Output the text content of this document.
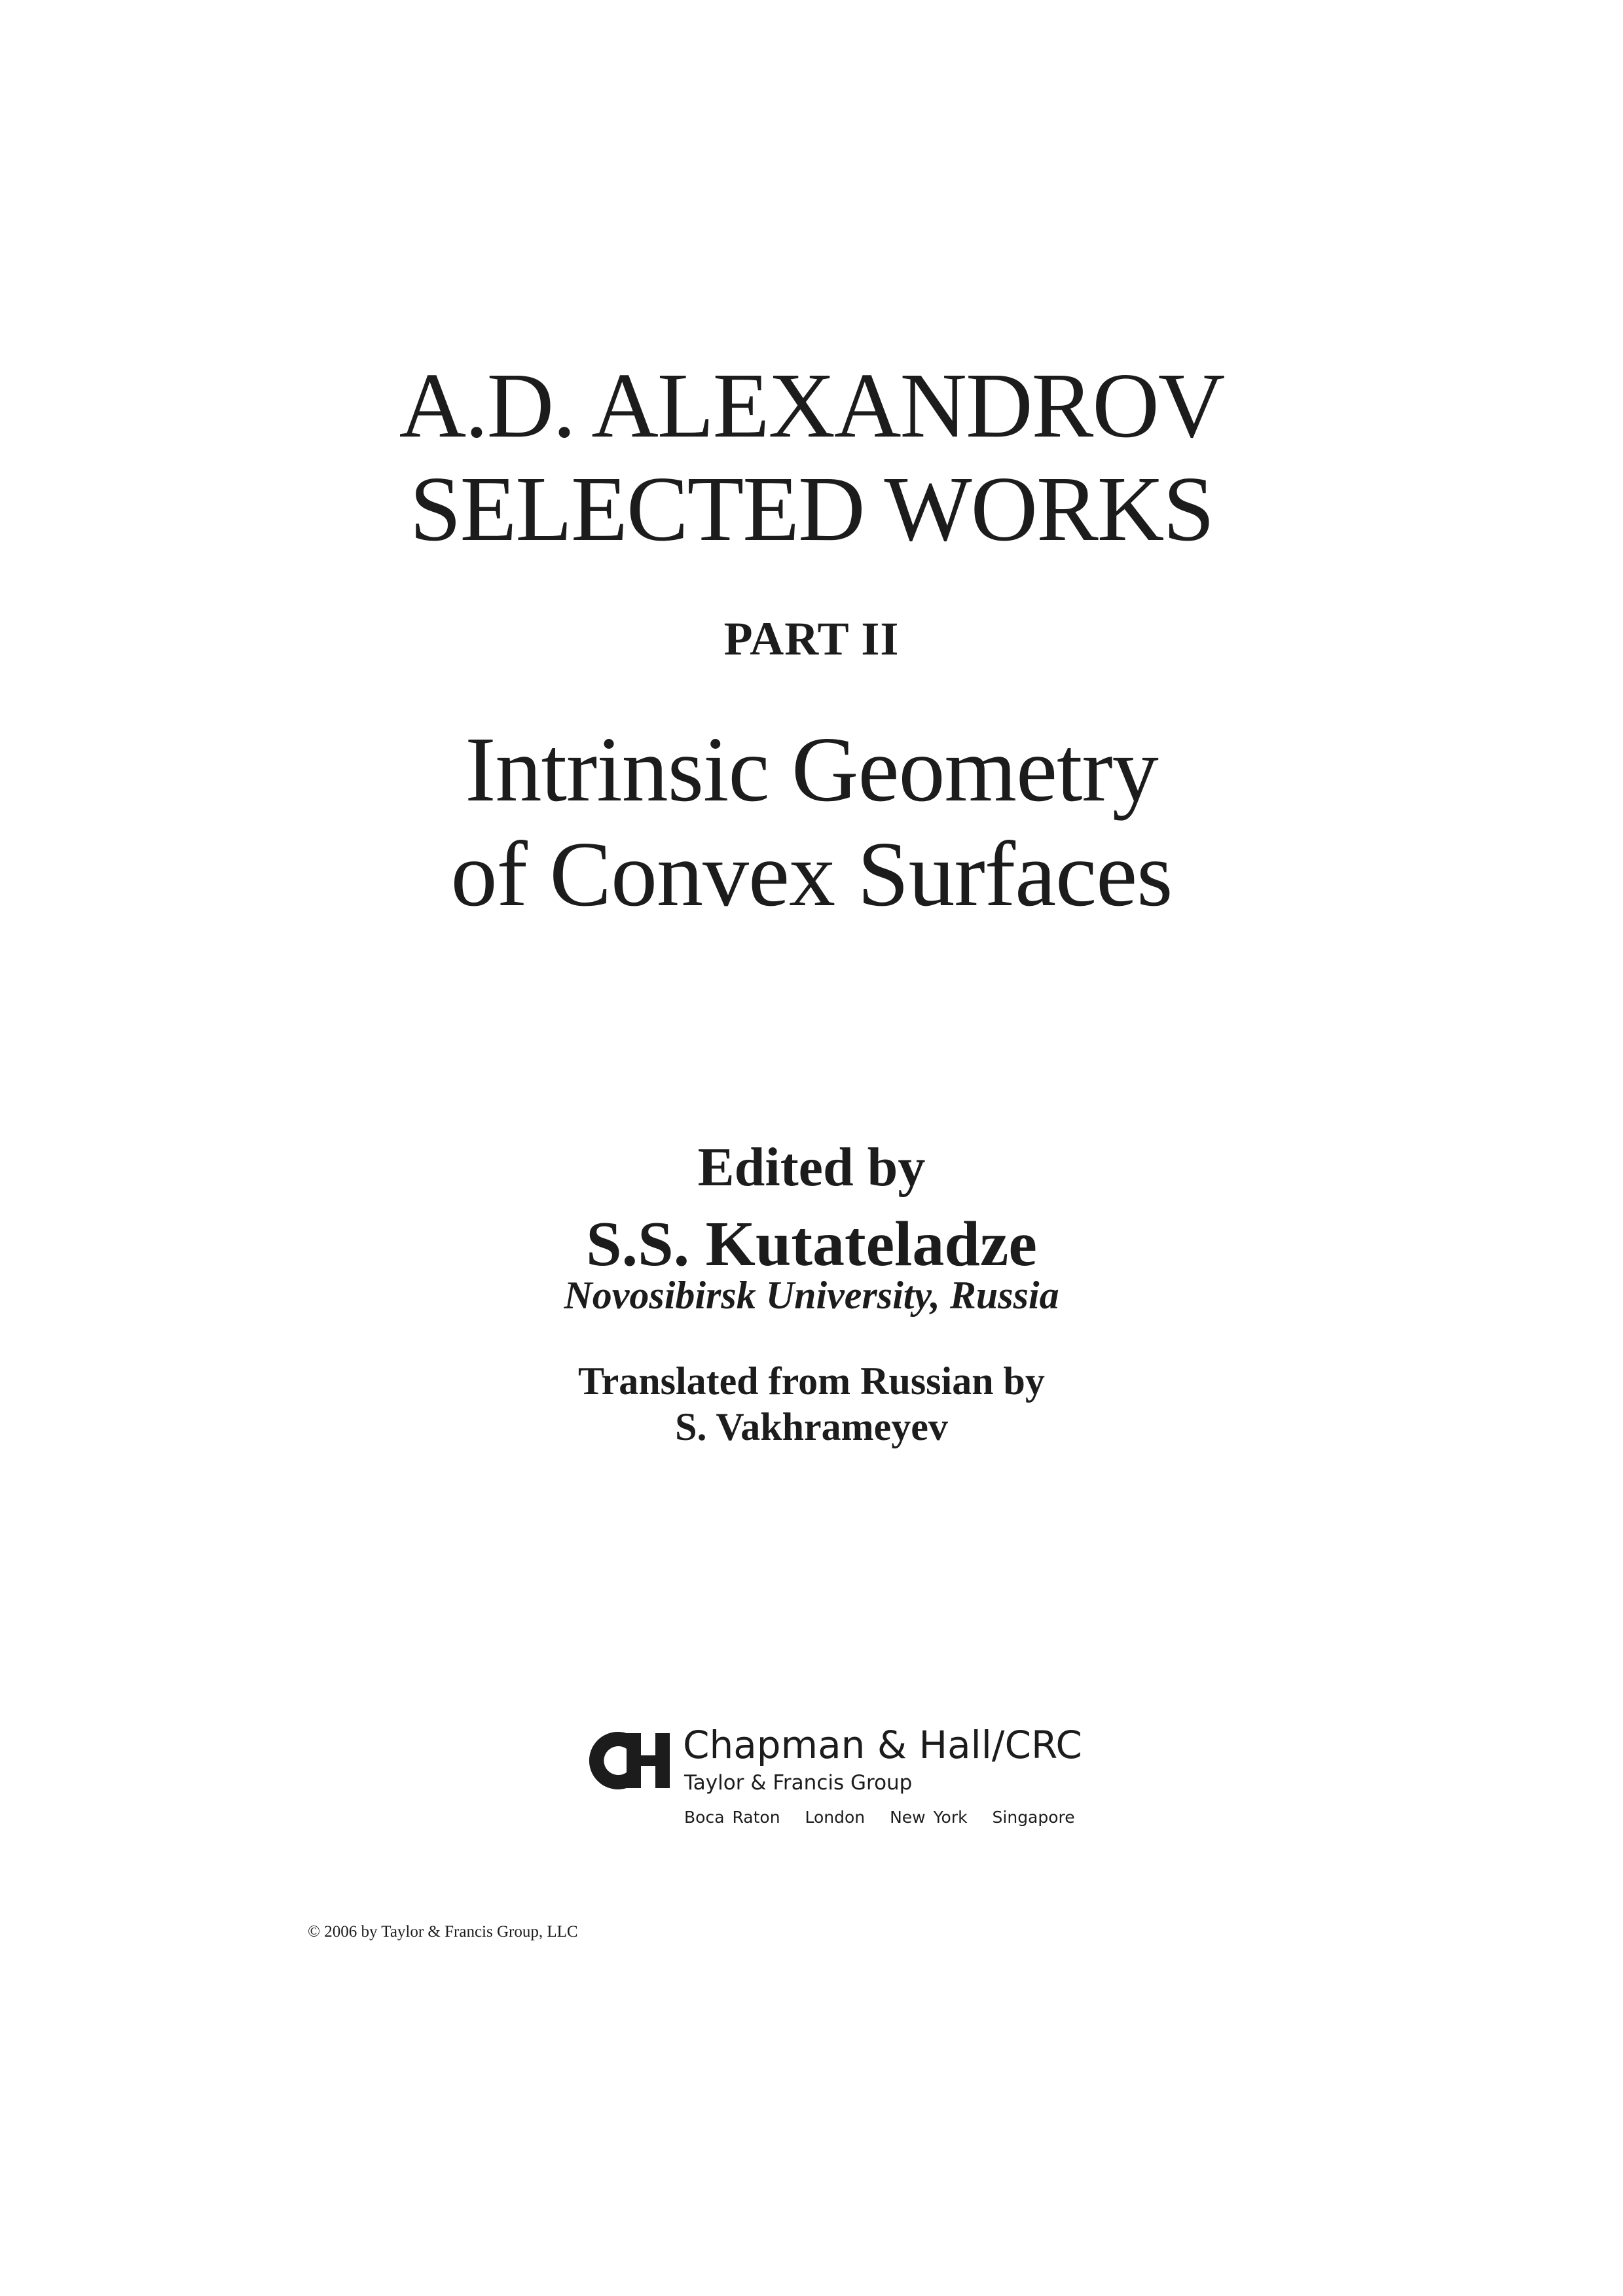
A.D. ALEXANDROV
SELECTED WORKS
PART II
Intrinsic Geometry
of Convex Surfaces
Edited by
S.S. Kutateladze
Novosibirsk University, Russia
Translated from Russian by
S. Vakhrameyev
Chapman & Hall/CRC
Taylor & Francis Group
Boca Raton London New York Singapore
© 2006 by Taylor & Francis Group, LLC
